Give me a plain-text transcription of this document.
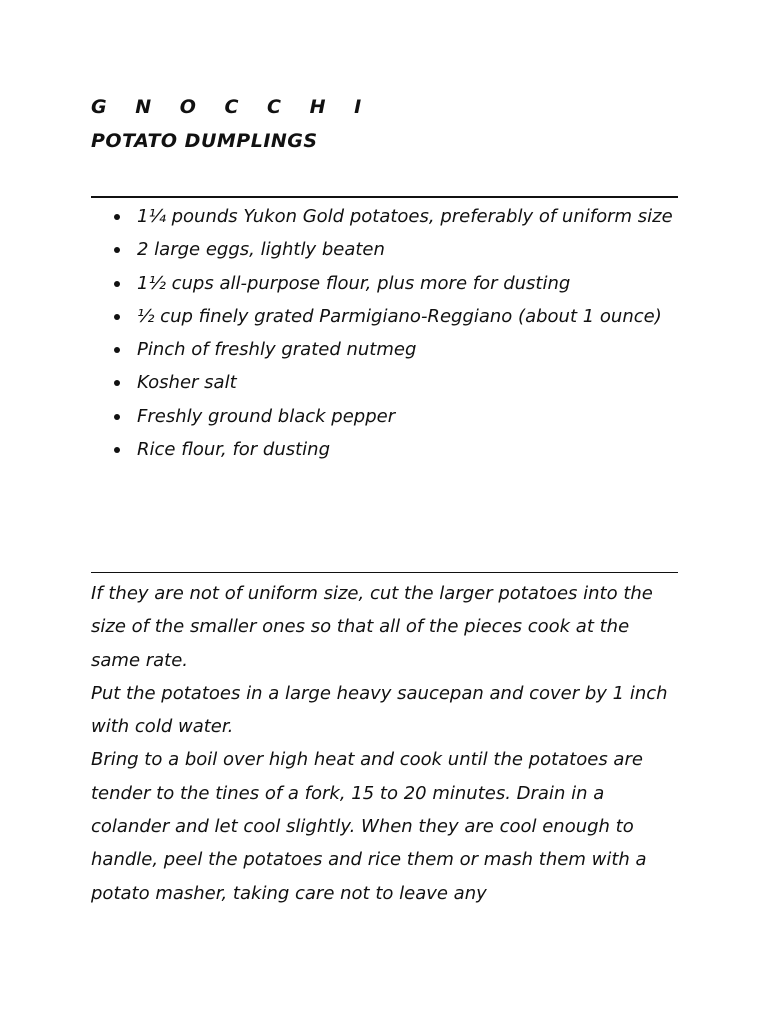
G N O C C H I
POTATO DUMPLINGS
1¼ pounds Yukon Gold potatoes, preferably of uniform size
2 large eggs, lightly beaten
1½ cups all-purpose flour, plus more for dusting
½ cup finely grated Parmigiano-Reggiano (about 1 ounce)
Pinch of freshly grated nutmeg
Kosher salt
Freshly ground black pepper
Rice flour, for dusting

If they are not of uniform size, cut the larger potatoes into the size of the smaller ones so that all of the pieces cook at the same rate.

Put the potatoes in a large heavy saucepan and cover by 1 inch with cold water.

Bring to a boil over high heat and cook until the potatoes are tender to the tines of a fork, 15 to 20 minutes. Drain in a colander and let cool slightly. When they are cool enough to handle, peel the potatoes and rice them or mash them with a potato masher, taking care not to leave any
